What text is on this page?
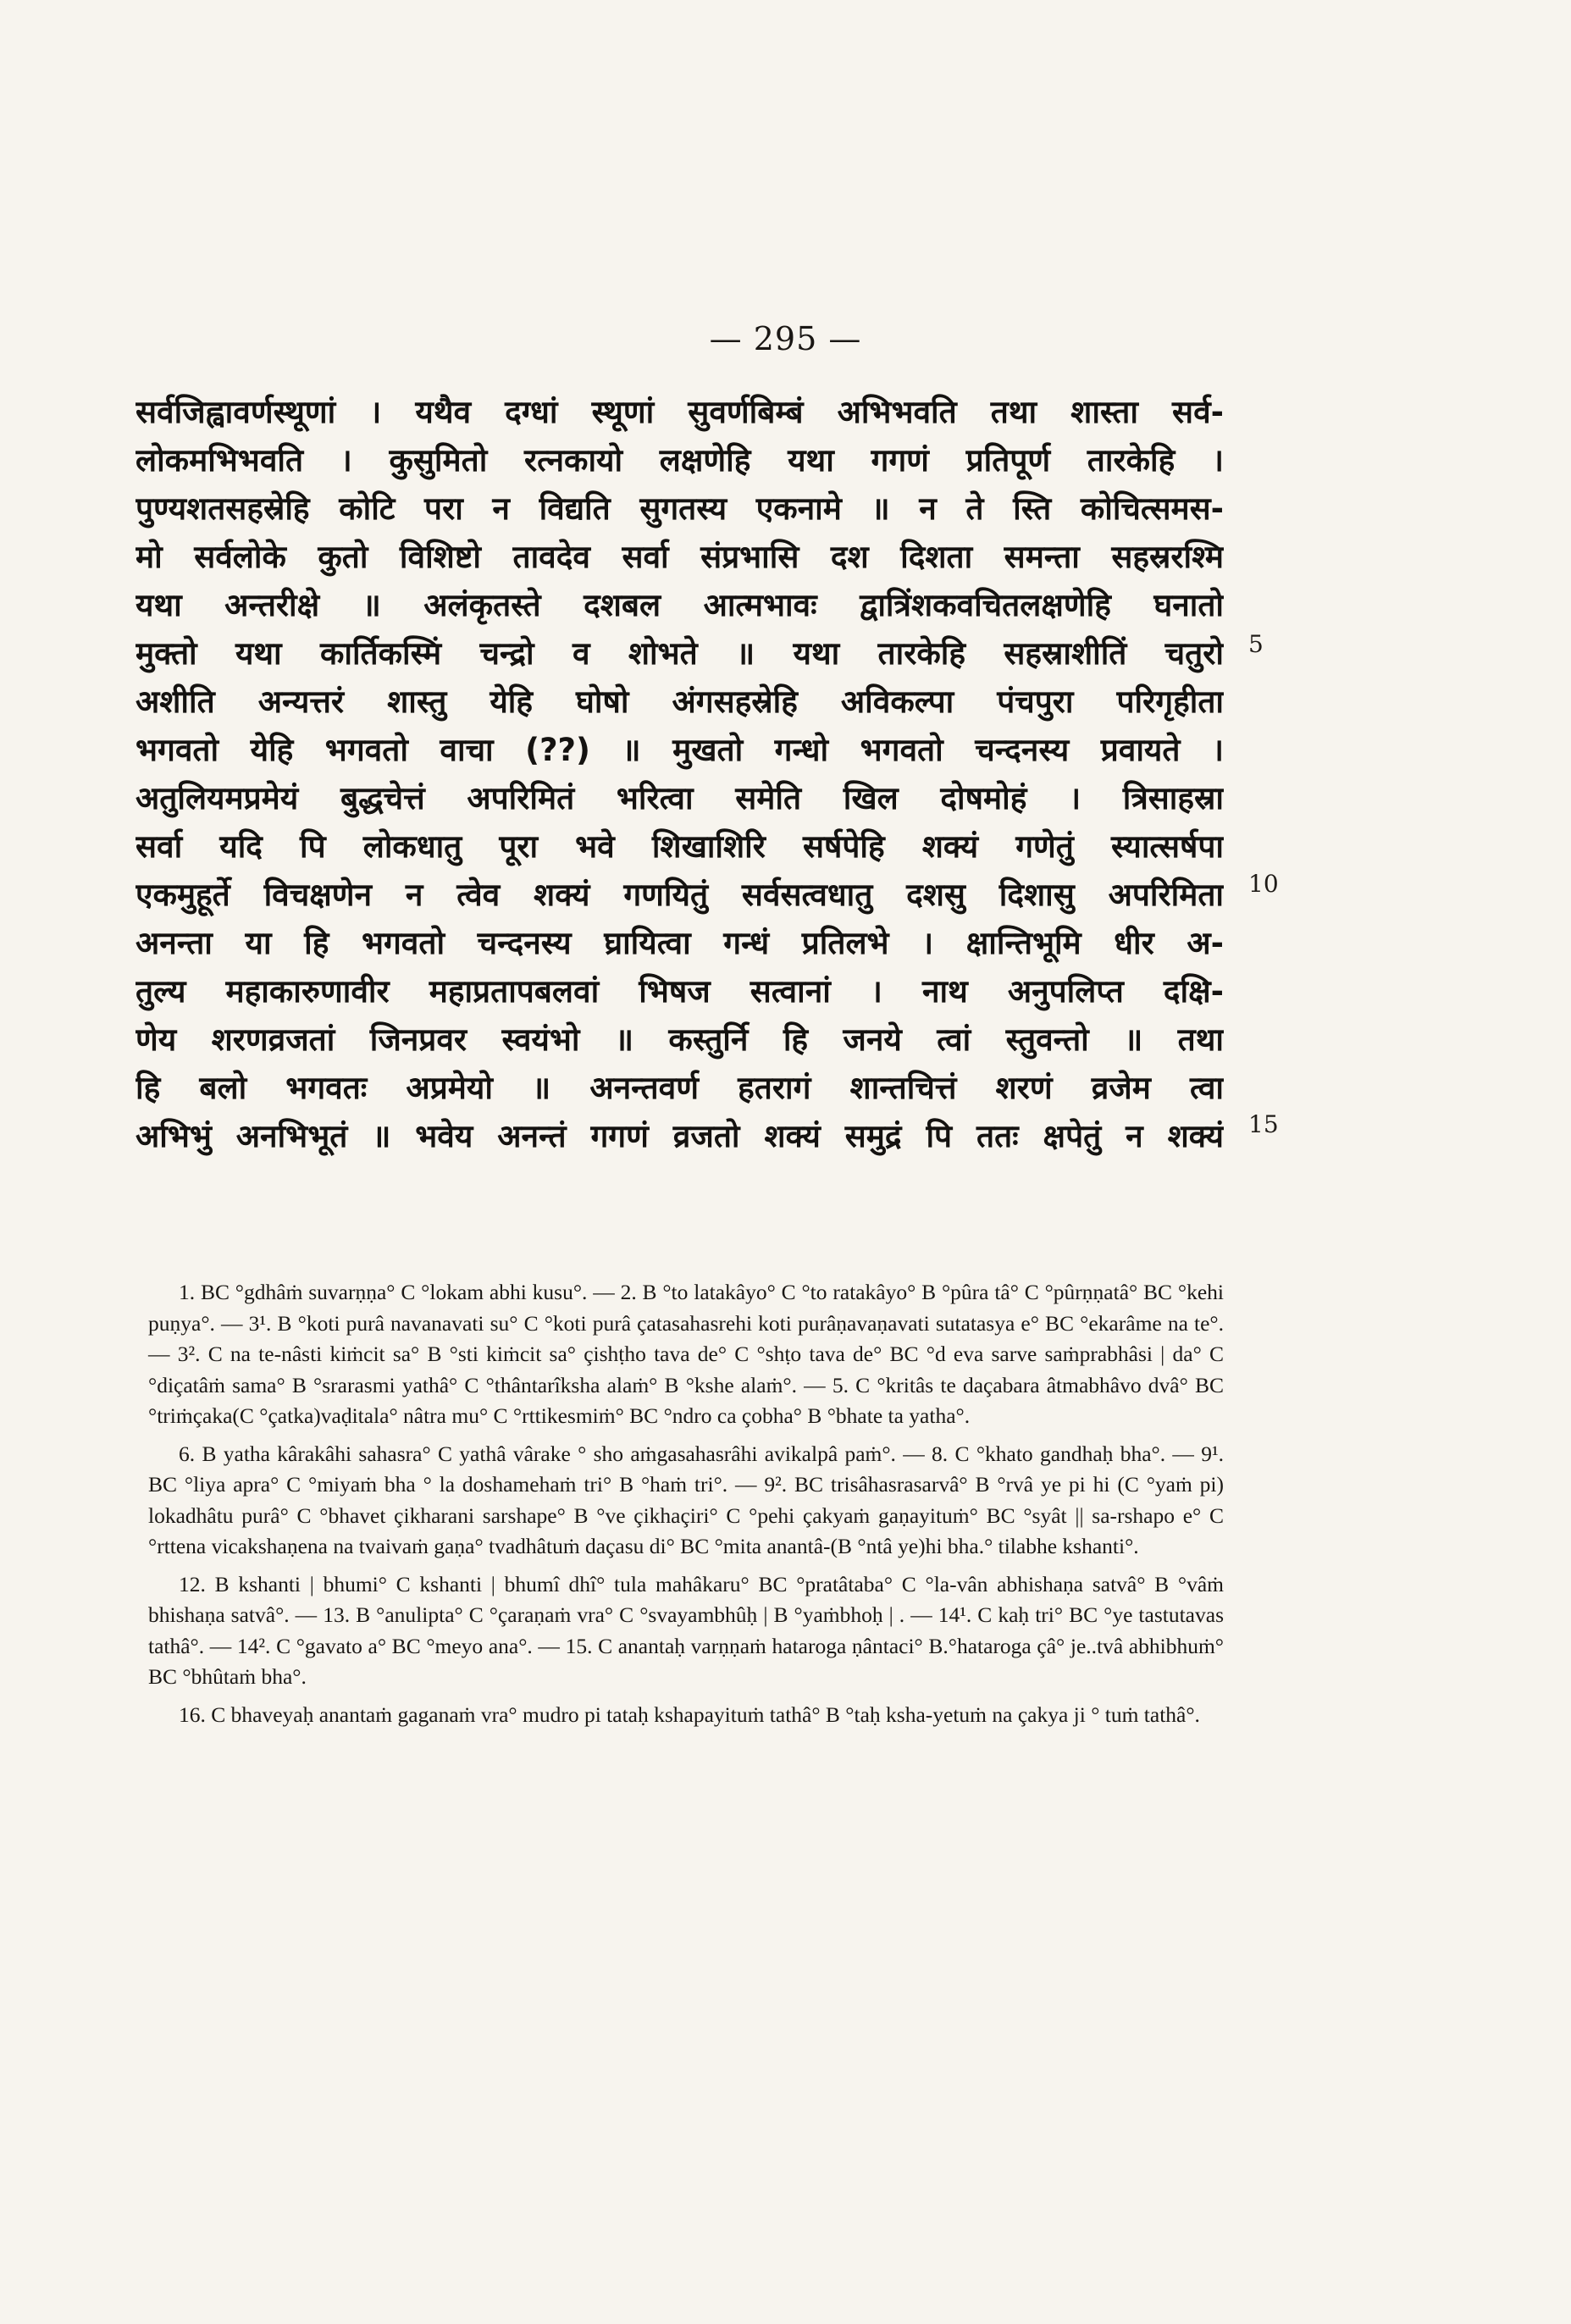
— 295 —
सर्वजिह्वावर्णस्थूणां । यथैव दग्धां स्थूणां सुवर्णबिम्बं अभिभवति तथा शास्ता सर्व-
लोकमभिभवति । कुसुमितो रत्नकायो लक्षणेहि यथा गगणं प्रतिपूर्ण तारकेहि ।
पुण्यशतसहस्रेहि कोटि परा न विद्यति सुगतस्य एकनामे ॥ न ते स्ति कोचित्समस-
मो सर्वलोके कुतो विशिष्टो तावदेव सर्वा संप्रभासि दश दिशता समन्ता सहस्ररश्मि
यथा अन्तरीक्षे ॥ अलंकृतस्ते दशबल आत्मभावः द्वात्रिंशकवचितलक्षणेहि घनातो
मुक्तो यथा कार्तिकस्मिं चन्द्रो व शोभते ॥ यथा तारकेहि सहस्राशीतिं चतुरो
अशीति अन्यत्तरं शास्तु येहि घोषो अंगसहस्रेहि अविकल्पा पंचपुरा परिगृहीता
भगवतो येहि भगवतो वाचा (??) ॥ मुखतो गन्धो भगवतो चन्दनस्य प्रवायते ।
अतुलियमप्रमेयं बुद्धचेत्तं अपरिमितं भरित्वा समेति खिल दोषमोहं । त्रिसाहस्रा
सर्वा यदि पि लोकधातु पूरा भवे शिखाशिरि सर्षपेहि शक्यं गणेतुं स्यात्सर्षपा
एकमुहूर्ते विचक्षणेन न त्वेव शक्यं गणयितुं सर्वसत्वधातु दशसु दिशासु अपरिमिता
अनन्ता या हि भगवतो चन्दनस्य घ्रायित्वा गन्धं प्रतिलभे । क्षान्तिभूमि धीर अ-
तुल्य महाकारुणावीर महाप्रतापबलवां भिषज सत्वानां । नाथ अनुपलिप्त दक्षि-
णेय शरणव्रजतां जिनप्रवर स्वयंभो ॥ कस्तुर्नि हि जनये त्वां स्तुवन्तो ॥ तथा
हि बलो भगवतः अप्रमेयो ॥ अनन्तवर्ण हतरागं शान्तचित्तं शरणं व्रजेम त्वा
अभिभुं अनभिभूतं ॥ भवेय अनन्तं गगणं व्रजतो शक्यं समुद्रं पि ततः क्षपेतुं न शक्यं
5
10
15

1. BC °gdhâṁ suvarṇṇa° C °lokam abhi kusu°. — 2. B °to latakâyo° C °to ratakâyo° B °pûra tâ° C °pûrṇṇatâ° BC °kehi puṇya°. — 3¹. B °koti purâ navanavati su° C °koti purâ çatasahasrehi koti purâṇavaṇavati sutatasya e° BC °ekarâme na te°. — 3². C na te-nâsti kiṁcit sa° B °sti kiṁcit sa° çishṭho tava de° C °shṭo tava de° BC °d eva sarve saṁprabhâsi | da° C °diçatâṁ sama° B °srarasmi yathâ° C °thântarîksha alaṁ° B °kshe alaṁ°. — 5. C °kritâs te daçabara âtmabhâvo dvâ° BC °triṁçaka(C °çatka)vaḍitala° nâtra mu° C °rttikesmiṁ° BC °ndro ca çobha° B °bhate ta yatha°.

6. B yatha kârakâhi sahasra° C yathâ vârake ° sho aṁgasahasrâhi avikalpâ paṁ°. — 8. C °khato gandhaḥ bha°. — 9¹. BC °liya apra° C °miyaṁ bha ° la doshamehaṁ tri° B °haṁ tri°. — 9². BC trisâhasrasarvâ° B °rvâ ye pi hi (C °yaṁ pi) lokadhâtu purâ° C °bhavet çikharani sarshape° B °ve çikhaçiri° C °pehi çakyaṁ gaṇayituṁ° BC °syât || sa-rshapo e° C °rttena vicakshaṇena na tvaivaṁ gaṇa° tvadhâtuṁ daçasu di° BC °mita anantâ-(B °ntâ ye)hi bha.° tilabhe kshanti°.

12. B kshanti | bhumi° C kshanti | bhumî dhî° tula mahâkaru° BC °pratâtaba° C °la-vân abhishaṇa satvâ° B °vâṁ bhishaṇa satvâ°. — 13. B °anulipta° C °çaraṇaṁ vra° C °svayambhûḥ | B °yaṁbhoḥ | . — 14¹. C kaḥ tri° BC °ye tastutavas tathâ°. — 14². C °gavato a° BC °meyo ana°. — 15. C anantaḥ varṇṇaṁ hataroga ṇântaci° B.°hataroga çâ° je..tvâ abhibhuṁ° BC °bhûtaṁ bha°.

16. C bhaveyaḥ anantaṁ gaganaṁ vra° mudro pi tataḥ kshapayituṁ tathâ° B °taḥ ksha-yetuṁ na çakya ji ° tuṁ tathâ°.
